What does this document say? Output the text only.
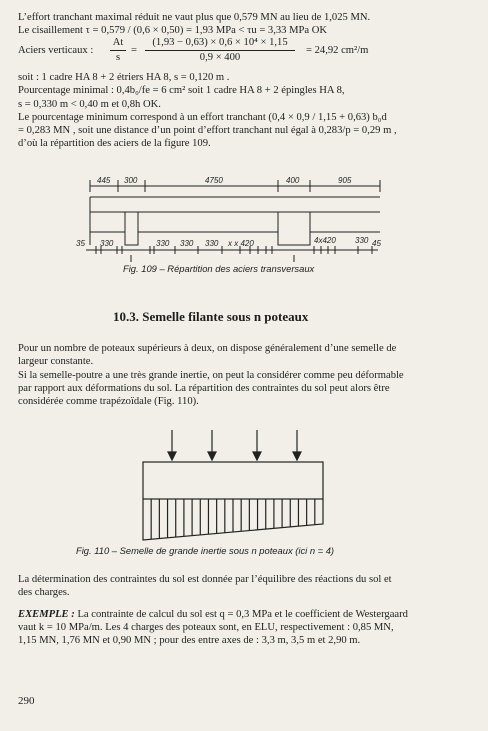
L’effort tranchant maximal réduit ne vaut plus que 0,579 MN au lieu de 1,025 MN.
Le cisaillement τ = 0,579 / (0,6 × 0,50) = 1,93 MPa < τu = 3,33 MPa OK
Aciers verticaux :
At
s
=
(1,93 − 0,63) × 0,6 × 10⁴ × 1,15
0,9 × 400
= 24,92 cm²/m
soit : 1 cadre HA 8 + 2 étriers HA 8, s = 0,120 m .
Pourcentage minimal : 0,4b₀/fe = 6 cm² soit 1 cadre HA 8 + 2 épingles HA 8,
s = 0,330 m < 0,40 m et 0,8h OK.
Le pourcentage minimum correspond à un effort tranchant (0,4 × 0,9 / 1,15 + 0,63) b₀d
= 0,283 MN , soit une distance d’un point d’effort tranchant nul égal à 0,283/p = 0,29 m ,
d’où la répartition des aciers de la figure 109.
445 300	4750	400	905
35 330	330 330 330 x x 420	4x420 330 45
Fig. 109 – Répartition des aciers transversaux
10.3. Semelle filante sous n poteaux
Pour un nombre de poteaux supérieurs à deux, on dispose généralement d’une semelle de
largeur constante.
Si la semelle-poutre a une très grande inertie, on peut la considérer comme peu déformable
par rapport aux déformations du sol. La répartition des contraintes du sol peut alors être
considérée comme trapézoïdale (Fig. 110).
Fig. 110 – Semelle de grande inertie sous n poteaux (ici n = 4)
La détermination des contraintes du sol est donnée par l’équilibre des réactions du sol et
des charges.
EXEMPLE : La contrainte de calcul du sol est q = 0,3 MPa et le coefficient de Westergaard
vaut k = 10 MPa/m. Les 4 charges des poteaux sont, en ELU, respectivement : 0,85 MN,
1,15 MN, 1,76 MN et 0,90 MN ; pour des entre axes de : 3,3 m, 3,5 m et 2,90 m.
290
